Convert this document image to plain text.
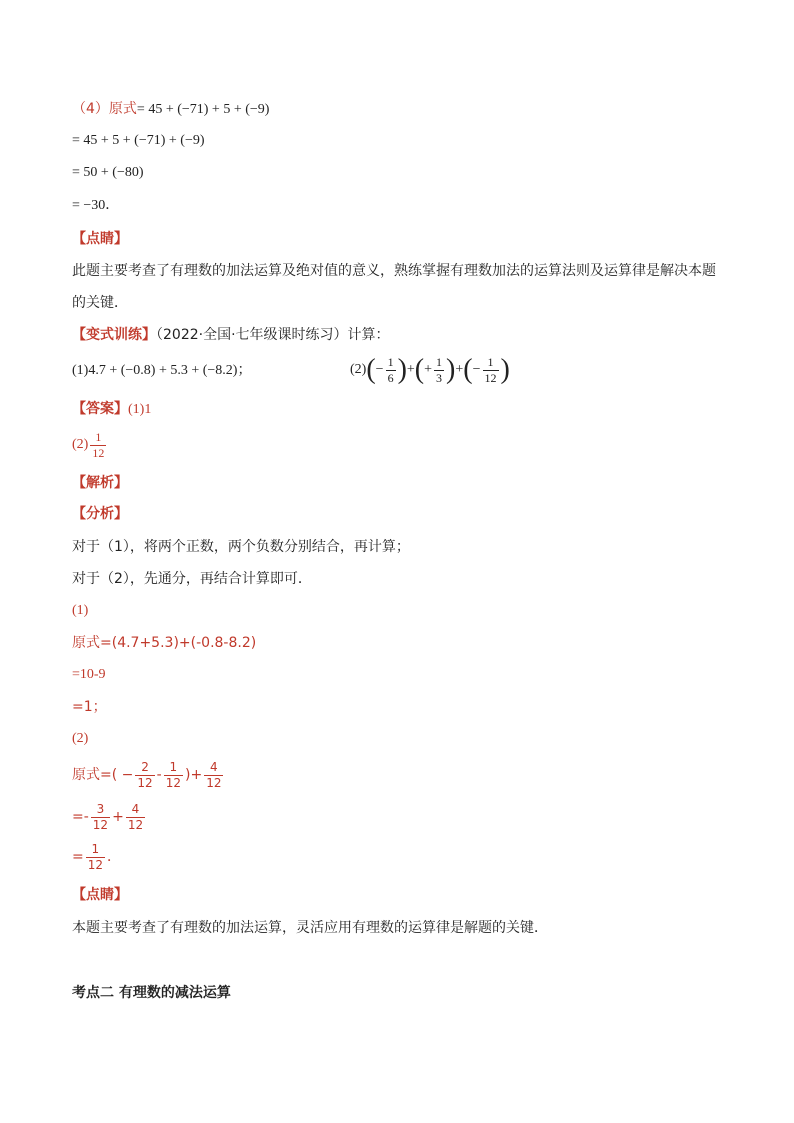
（4）原式= 45 + (−71) + 5 + (−9)
= 45 + 5 + (−71) + (−9)
= 50 + (−80)
= −30．
【点睛】
此题主要考查了有理数的加法运算及绝对值的意义，熟练掌握有理数加法的运算法则及运算律是解决本题
的关键．
【变式训练】（2022·全国·七年级课时练习）计算：
(1)4.7 + (−0.8) + 5.3 + (−8.2)；	$(2)(- \frac{1}{6}$ )+(+ $\frac{1}{3}$ )+(− $\frac{1}{12}$ )
【答案】(1)1
$(2) \frac{1}{12}$
【解析】
【分析】
对于（1），将两个正数，两个负数分别结合，再计算；
对于（2），先通分，再结合计算即可．
(1)
原式=(4.7+5.3)+(-0.8-8.2)
=10-9
=1；
(2)
原式=( − $\frac{2}{12} - \frac{1}{12}$ )+ $\frac{4}{12}$
=- $\frac{3}{12} + \frac{4}{12}$
= $\frac{1}{12}$ ．
【点睛】
本题主要考查了有理数的加法运算，灵活应用有理数的运算律是解题的关键．
考点二 有理数的减法运算
